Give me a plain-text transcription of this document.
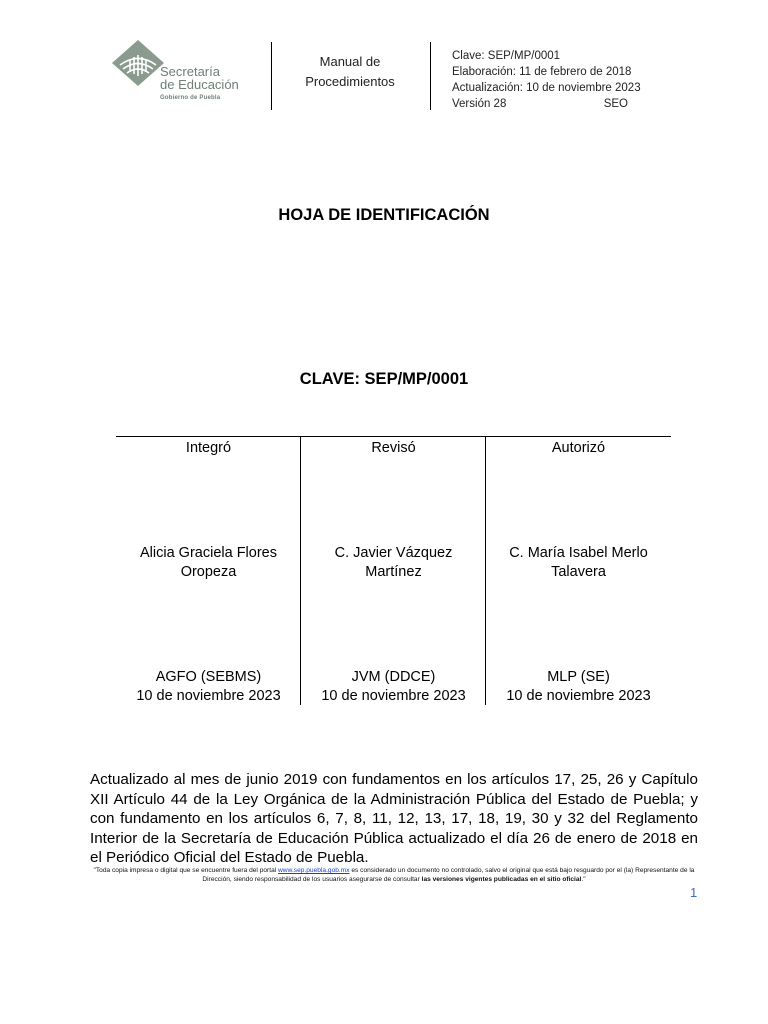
Secretaría
de Educación
Gobierno de Puebla
Manual de
Procedimientos
Clave: SEP/MP/0001
Elaboración: 11 de febrero de 2018
Actualización: 10 de noviembre 2023
Versión 28	SEO
HOJA DE IDENTIFICACIÓN
CLAVE: SEP/MP/0001
Integró
Alicia Graciela Flores
Oropeza
AGFO (SEBMS)
10 de noviembre 2023
Revisó
C. Javier Vázquez
Martínez
JVM (DDCE)
10 de noviembre 2023
Autorizó
C. María Isabel Merlo
Talavera
MLP (SE)
10 de noviembre 2023
Actualizado al mes de junio 2019 con fundamentos en los artículos 17, 25, 26 y Capítulo XII Artículo 44 de la Ley Orgánica de la Administración Pública del Estado de Puebla; y con fundamento en los artículos 6, 7, 8, 11, 12, 13, 17, 18, 19, 30 y 32 del Reglamento Interior de la Secretaría de Educación Pública actualizado el día 26 de enero de 2018 en el Periódico Oficial del Estado de Puebla.
"Toda copia impresa o digital que se encuentre fuera del portal www.sep.puebla.gob.mx es considerado un documento no controlado, salvo el original que está bajo resguardo por el (la) Representante de la Dirección, siendo responsabilidad de los usuarios asegurarse de consultar las versiones vigentes publicadas en el sitio oficial."
1
